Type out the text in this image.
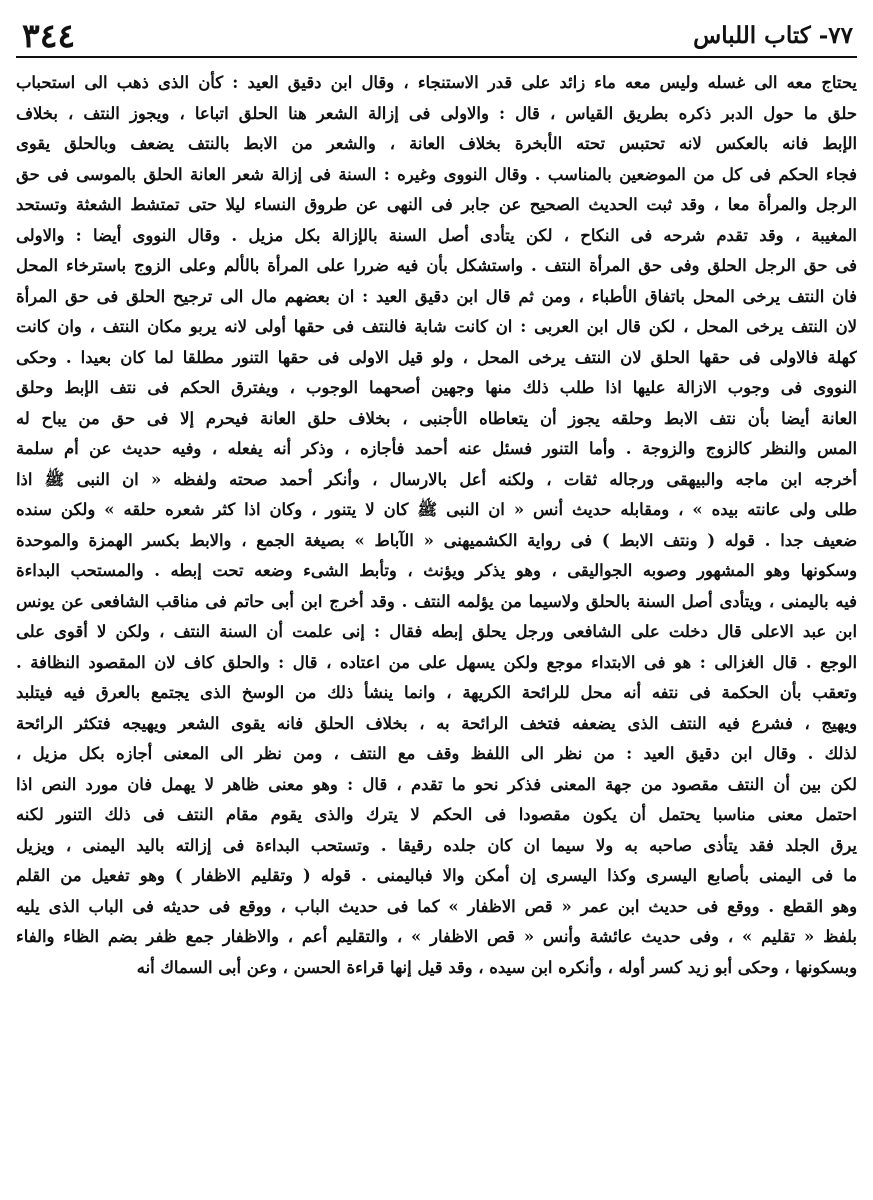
٧٧- كتاب اللباس
٣٤٤
يحتاج معه الى غسله وليس معه ماء زائد على قدر الاستنجاء ، وقال ابن دقيق العيد : كأن الذى ذهب الى استحباب
حلق ما حول الدبر ذكره بطريق القياس ، قال : والاولى فى إزالة الشعر هنا الحلق اتباعا ، ويجوز النتف ، بخلاف
الإبط فانه بالعكس لانه تحتبس تحته الأبخرة بخلاف العانة ، والشعر من الابط بالنتف يضعف وبالحلق يقوى
فجاء الحكم فى كل من الموضعين بالمناسب . وقال النووى وغيره : السنة فى إزالة شعر العانة الحلق بالموسى فى حق
الرجل والمرأة معا ، وقد ثبت الحديث الصحيح عن جابر فى النهى عن طروق النساء ليلا حتى تمتشط الشعثة وتستحد
المغيبة ، وقد تقدم شرحه فى النكاح ، لكن يتأدى أصل السنة بالإزالة بكل مزيل . وقال النووى أيضا : والاولى
فى حق الرجل الحلق وفى حق المرأة النتف . واستشكل بأن فيه ضررا على المرأة بالألم وعلى الزوج باسترخاء المحل
فان النتف يرخى المحل باتفاق الأطباء ، ومن ثم قال ابن دقيق العيد : ان بعضهم مال الى ترجيح الحلق فى حق المرأة
لان النتف يرخى المحل ، لكن قال ابن العربى : ان كانت شابة فالنتف فى حقها أولى لانه يربو مكان النتف ، وان كانت
كهلة فالاولى فى حقها الحلق لان النتف يرخى المحل ، ولو قيل الاولى فى حقها التنور مطلقا لما كان بعيدا . وحكى
النووى فى وجوب الازالة عليها اذا طلب ذلك منها وجهين أصحهما الوجوب ، ويفترق الحكم فى نتف الإبط وحلق
العانة أيضا بأن نتف الابط وحلقه يجوز أن يتعاطاه الأجنبى ، بخلاف حلق العانة فيحرم إلا فى حق من يباح له
المس والنظر كالزوج والزوجة . وأما التنور فسئل عنه أحمد فأجازه ، وذكر أنه يفعله ، وفيه حديث عن أم سلمة
أخرجه ابن ماجه والبيهقى ورجاله ثقات ، ولكنه أعل بالارسال ، وأنكر أحمد صحته ولفظه « ان النبى ﷺ اذا
طلى ولى عانته بيده » ، ومقابله حديث أنس « ان النبى ﷺ كان لا يتنور ، وكان اذا كثر شعره حلقه » ولكن سنده
ضعيف جدا . قوله ( ونتف الابط ) فى رواية الكشميهنى « الآباط » بصيغة الجمع ، والابط بكسر الهمزة والموحدة
وسكونها وهو المشهور وصوبه الجواليقى ، وهو يذكر ويؤنث ، وتأبط الشىء وضعه تحت إبطه . والمستحب البداءة
فيه باليمنى ، ويتأدى أصل السنة بالحلق ولاسيما من يؤلمه النتف . وقد أخرج ابن أبى حاتم فى مناقب الشافعى عن يونس
ابن عبد الاعلى قال دخلت على الشافعى ورجل يحلق إبطه فقال : إنى علمت أن السنة النتف ، ولكن لا أقوى على
الوجع . قال الغزالى : هو فى الابتداء موجع ولكن يسهل على من اعتاده ، قال : والحلق كاف لان المقصود النظافة .
وتعقب بأن الحكمة فى نتفه أنه محل للرائحة الكريهة ، وانما ينشأ ذلك من الوسخ الذى يجتمع بالعرق فيه فيتلبد
ويهيج ، فشرع فيه النتف الذى يضعفه فتخف الرائحة به ، بخلاف الحلق فانه يقوى الشعر ويهيجه فتكثر الرائحة
لذلك . وقال ابن دقيق العيد : من نظر الى اللفظ وقف مع النتف ، ومن نظر الى المعنى أجازه بكل مزيل ،
لكن بين أن النتف مقصود من جهة المعنى فذكر نحو ما تقدم ، قال : وهو معنى ظاهر لا يهمل فان مورد النص اذا
احتمل معنى مناسبا يحتمل أن يكون مقصودا فى الحكم لا يترك والذى يقوم مقام النتف فى ذلك التنور لكنه
يرق الجلد فقد يتأذى صاحبه به ولا سيما ان كان جلده رقيقا . وتستحب البداءة فى إزالته باليد اليمنى ، ويزيل
ما فى اليمنى بأصابع اليسرى وكذا اليسرى إن أمكن والا فباليمنى . قوله ( وتقليم الاظفار ) وهو تفعيل من القلم
وهو القطع . ووقع فى حديث ابن عمر « قص الاظفار » كما فى حديث الباب ، ووقع فى حديثه فى الباب الذى يليه
بلفظ « تقليم » ، وفى حديث عائشة وأنس « قص الاظفار » ، والتقليم أعم ، والاظفار جمع ظفر بضم الظاء والفاء
وبسكونها ، وحكى أبو زيد كسر أوله ، وأنكره ابن سيده ، وقد قيل إنها قراءة الحسن ، وعن أبى السماك أنه
